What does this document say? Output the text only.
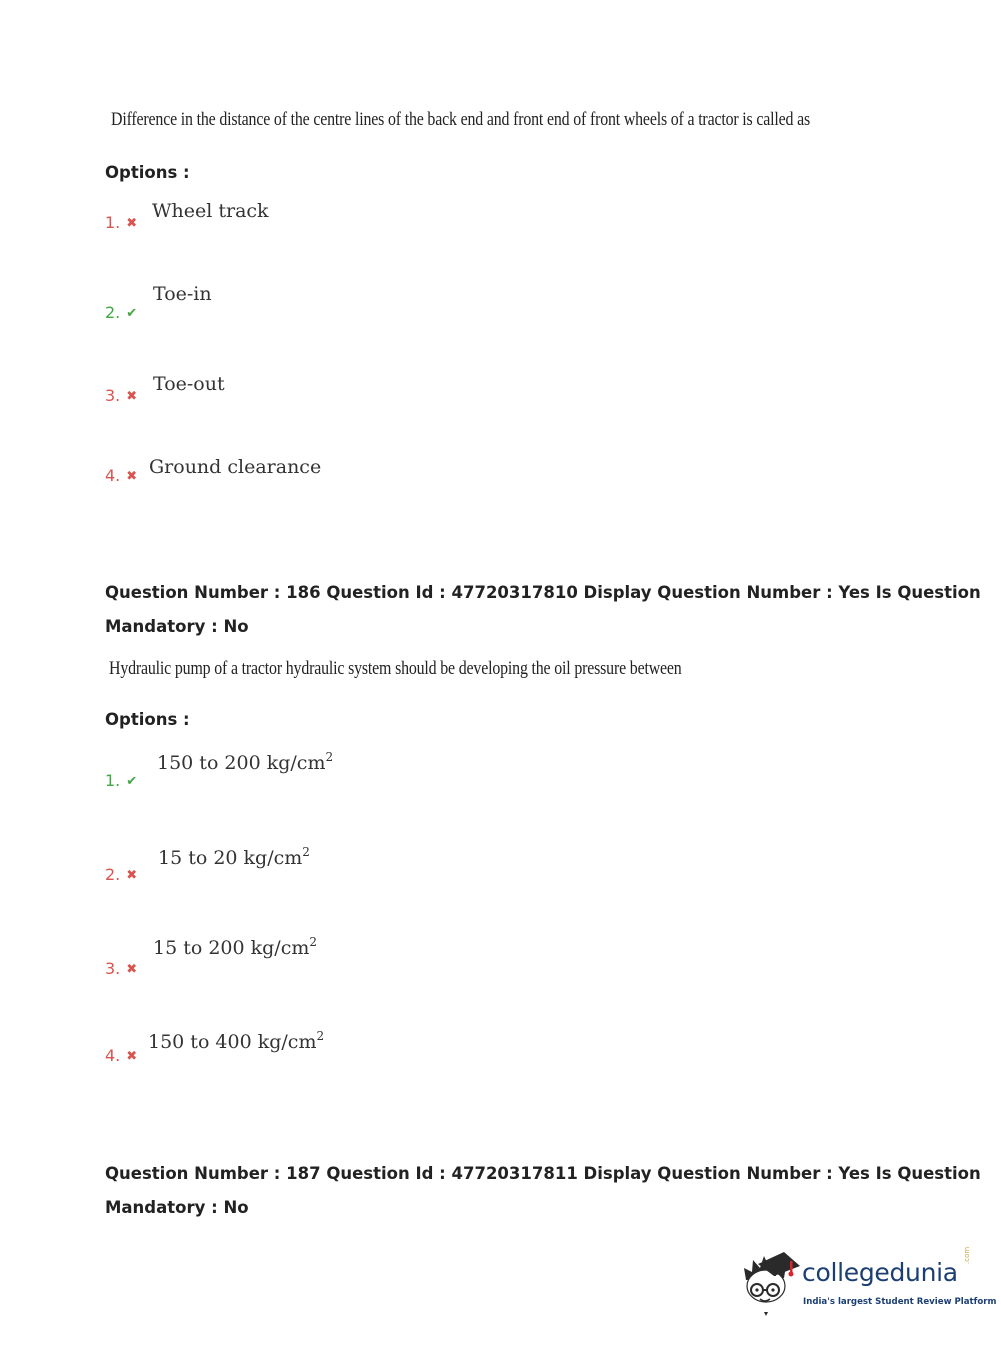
Difference in the distance of the centre lines of the back end and front end of front wheels of a tractor is called as
Options :
1. ✖
Wheel track
2. ✔
Toe-in
3. ✖
Toe-out
4. ✖ Ground clearance
Question Number : 186 Question Id : 47720317810 Display Question Number : Yes Is Question
Mandatory : No
Hydraulic pump of a tractor hydraulic system should be developing the oil pressure between
Options :
1. ✔
150 to 200 $kg/cm^2$
2. ✖
15 to 20 $kg/cm^2$
3. ✖
15 to 200 $kg/cm^2$
4. ✖
150 to 400 $kg/cm^2$
Question Number : 187 Question Id : 47720317811 Display Question Number : Yes Is Question
Mandatory : No
collegedunia
.com
India's largest Student Review Platform
